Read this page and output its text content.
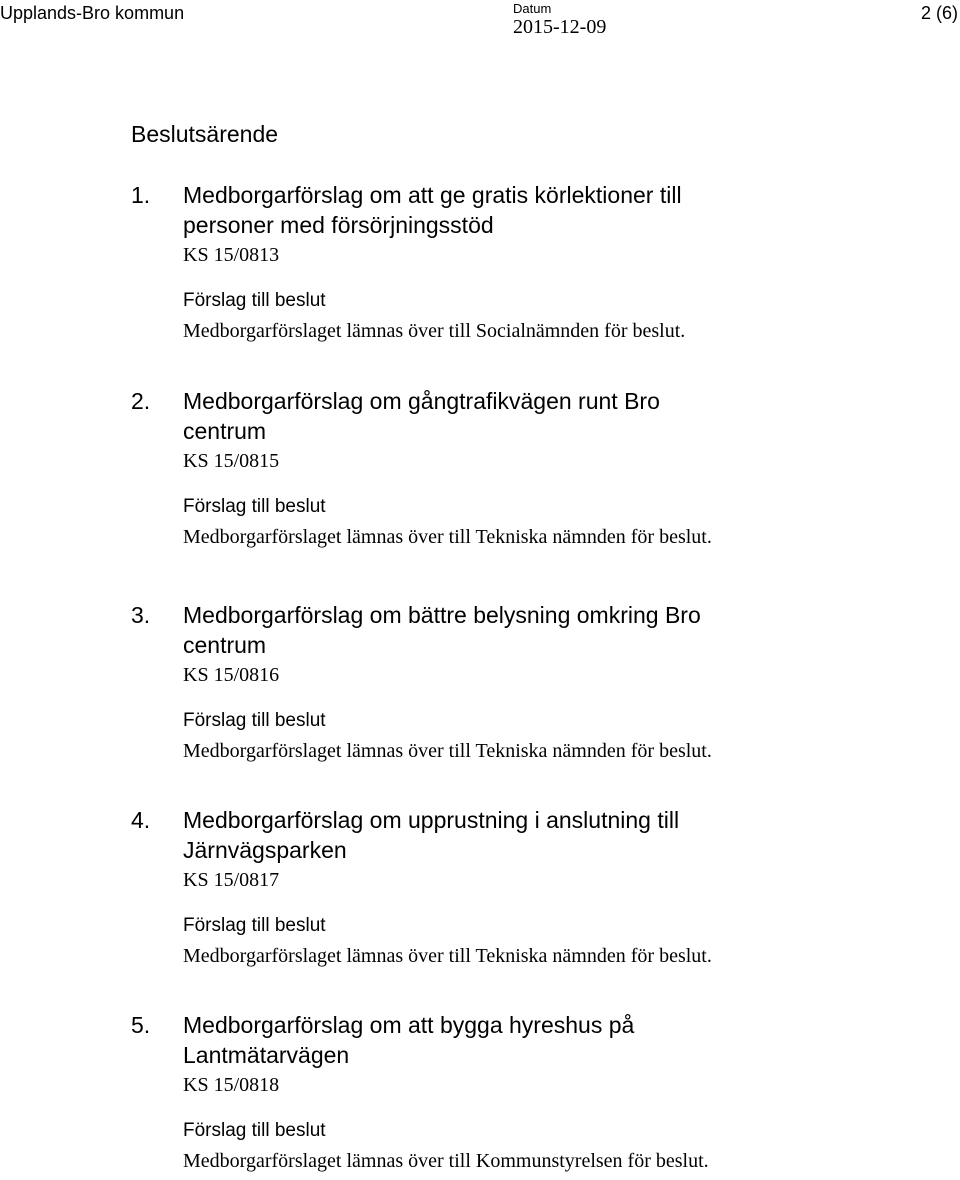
Upplands-Bro kommun	Datum
2015-12-09
2 (6)
Beslutsärende
1.	Medborgarförslag om att ge gratis körlektioner till personer med försörjningsstöd
KS 15/0813
Förslag till beslut
Medborgarförslaget lämnas över till Socialnämnden för beslut.
2.	Medborgarförslag om gångtrafikvägen runt Bro centrum
KS 15/0815
Förslag till beslut
Medborgarförslaget lämnas över till Tekniska nämnden för beslut.
3.	Medborgarförslag om bättre belysning omkring Bro centrum
KS 15/0816
Förslag till beslut
Medborgarförslaget lämnas över till Tekniska nämnden för beslut.
4.	Medborgarförslag om upprustning i anslutning till Järnvägsparken
KS 15/0817
Förslag till beslut
Medborgarförslaget lämnas över till Tekniska nämnden för beslut.
5.	Medborgarförslag om att bygga hyreshus på Lantmätarvägen
KS 15/0818
Förslag till beslut
Medborgarförslaget lämnas över till Kommunstyrelsen för beslut.
